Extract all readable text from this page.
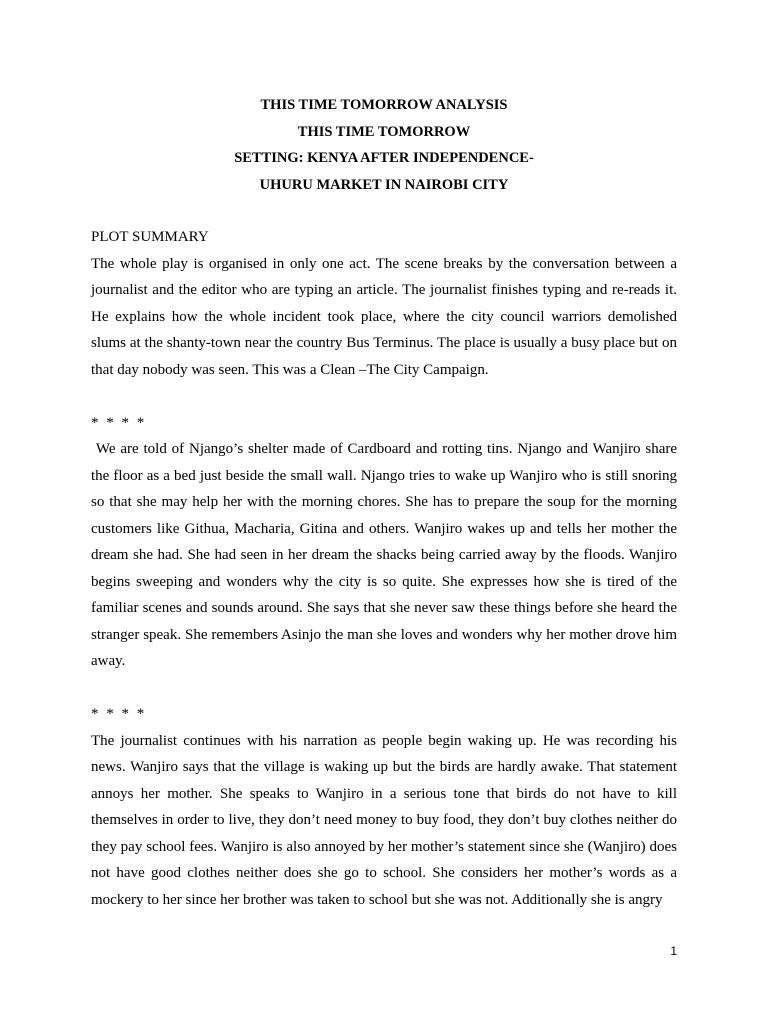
THIS TIME TOMORROW ANALYSIS
THIS TIME TOMORROW
SETTING: KENYA AFTER INDEPENDENCE-
UHURU MARKET IN NAIROBI CITY
PLOT SUMMARY

The whole play is organised in only one act. The scene breaks by the conversation between a journalist and the editor who are typing an article. The journalist finishes typing and re-reads it. He explains how the whole incident took place, where the city council warriors demolished slums at the shanty-town near the country Bus Terminus. The place is usually a busy place but on that day nobody was seen. This was a Clean –The City Campaign.

* * * *

We are told of Njango’s shelter made of Cardboard and rotting tins. Njango and Wanjiro share the floor as a bed just beside the small wall. Njango tries to wake up Wanjiro who is still snoring so that she may help her with the morning chores. She has to prepare the soup for the morning customers like Githua, Macharia, Gitina and others. Wanjiro wakes up and tells her mother the dream she had. She had seen in her dream the shacks being carried away by the floods. Wanjiro begins sweeping and wonders why the city is so quite. She expresses how she is tired of the familiar scenes and sounds around. She says that she never saw these things before she heard the stranger speak. She remembers Asinjo the man she loves and wonders why her mother drove him away.

* * * *

The journalist continues with his narration as people begin waking up. He was recording his news. Wanjiro says that the village is waking up but the birds are hardly awake. That statement annoys her mother. She speaks to Wanjiro in a serious tone that birds do not have to kill themselves in order to live, they don’t need money to buy food, they don’t buy clothes neither do they pay school fees. Wanjiro is also annoyed by her mother’s statement since she (Wanjiro) does not have good clothes neither does she go to school. She considers her mother’s words as a mockery to her since her brother was taken to school but she was not. Additionally she is angry

1
